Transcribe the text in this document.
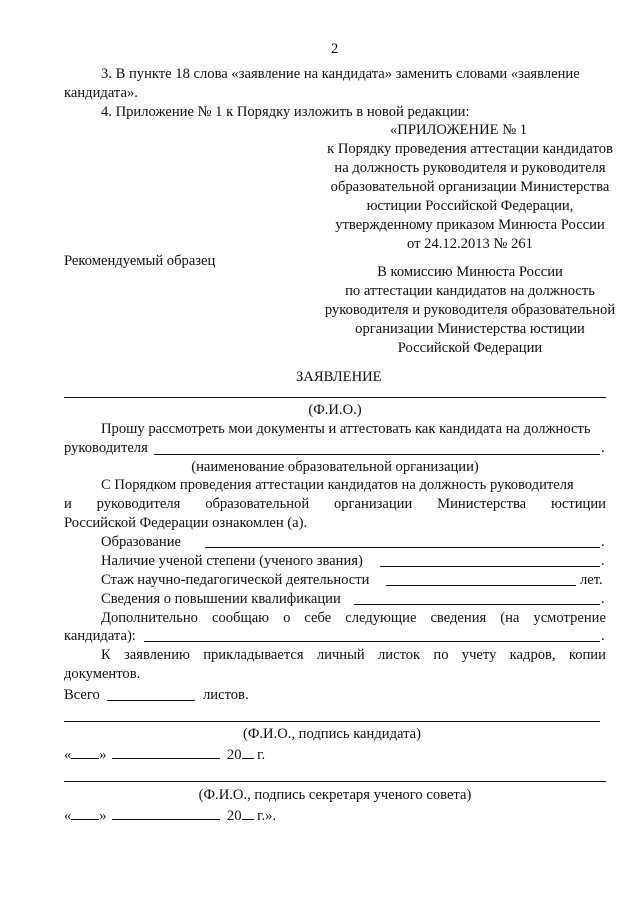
2
3. В пункте 18 слова «заявление на кандидата» заменить словами «заявление
кандидата».
4. Приложение № 1 к Порядку изложить в новой редакции:
«ПРИЛОЖЕНИЕ № 1
к Порядку проведения аттестации кандидатов
на должность руководителя и руководителя
образовательной организации Министерства
юстиции Российской Федерации,
утвержденному приказом Минюста России
от 24.12.2013 № 261
Рекомендуемый образец
В комиссию Минюста России
по аттестации кандидатов на должность
руководителя и руководителя образовательной
организации Министерства юстиции
Российской Федерации
ЗАЯВЛЕНИЕ
(Ф.И.О.)
Прошу рассмотреть мои документы и аттестовать как кандидата на должность
руководителя	.
(наименование образовательной организации)
С Порядком проведения аттестации кандидатов на должность руководителя
и руководителя образовательной организации Министерства юстиции
Российской Федерации ознакомлен (а).
Образование	.
Наличие ученой степени (ученого звания)	.
Стаж научно-педагогической деятельности	лет.
Сведения о повышении квалификации	.
Дополнительно сообщаю о себе следующие сведения (на усмотрение
кандидата):	.
К заявлению прикладывается личный листок по учету кадров, копии
документов.
Всего	листов.
(Ф.И.О., подпись кандидата)
« »	20 г.
(Ф.И.О., подпись секретаря ученого совета)
« »	20 г.».
